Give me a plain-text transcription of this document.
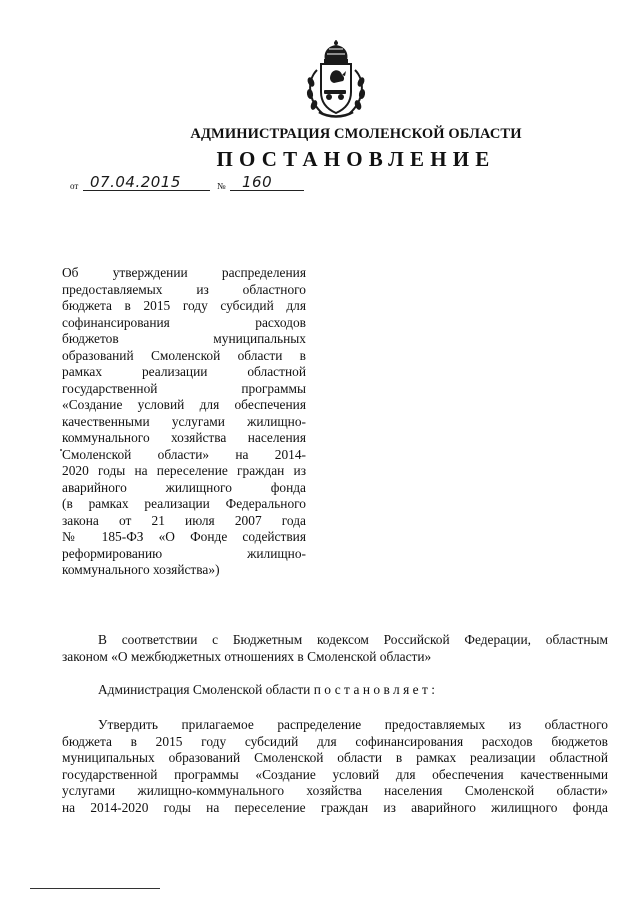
АДМИНИСТРАЦИЯ СМОЛЕНСКОЙ ОБЛАСТИ
ПОСТАНОВЛЕНИЕ
от 07.04.2015	№ 160
Об утверждении распределения
предоставляемых из областного
бюджета в 2015 году субсидий для
софинансирования расходов
бюджетов муниципальных
образований Смоленской области в
рамках реализации областной
государственной программы
«Создание условий для обеспечения
качественными услугами жилищно-
коммунального хозяйства населения
Смоленской области» на 2014-
2020 годы на переселение граждан из
аварийного жилищного фонда
(в рамках реализации Федерального
закона от 21 июля 2007 года
№ 185-ФЗ «О Фонде содействия
реформированию жилищно-
коммунального хозяйства»)
В соответствии с Бюджетным кодексом Российской Федерации, областным
законом «О межбюджетных отношениях в Смоленской области»
Администрация Смоленской области постановляет:
Утвердить прилагаемое распределение предоставляемых из областного
бюджета в 2015 году субсидий для софинансирования расходов бюджетов
муниципальных образований Смоленской области в рамках реализации областной
государственной программы «Создание условий для обеспечения качественными
услугами жилищно-коммунального хозяйства населения Смоленской области»
на 2014-2020 годы на переселение граждан из аварийного жилищного фонда
